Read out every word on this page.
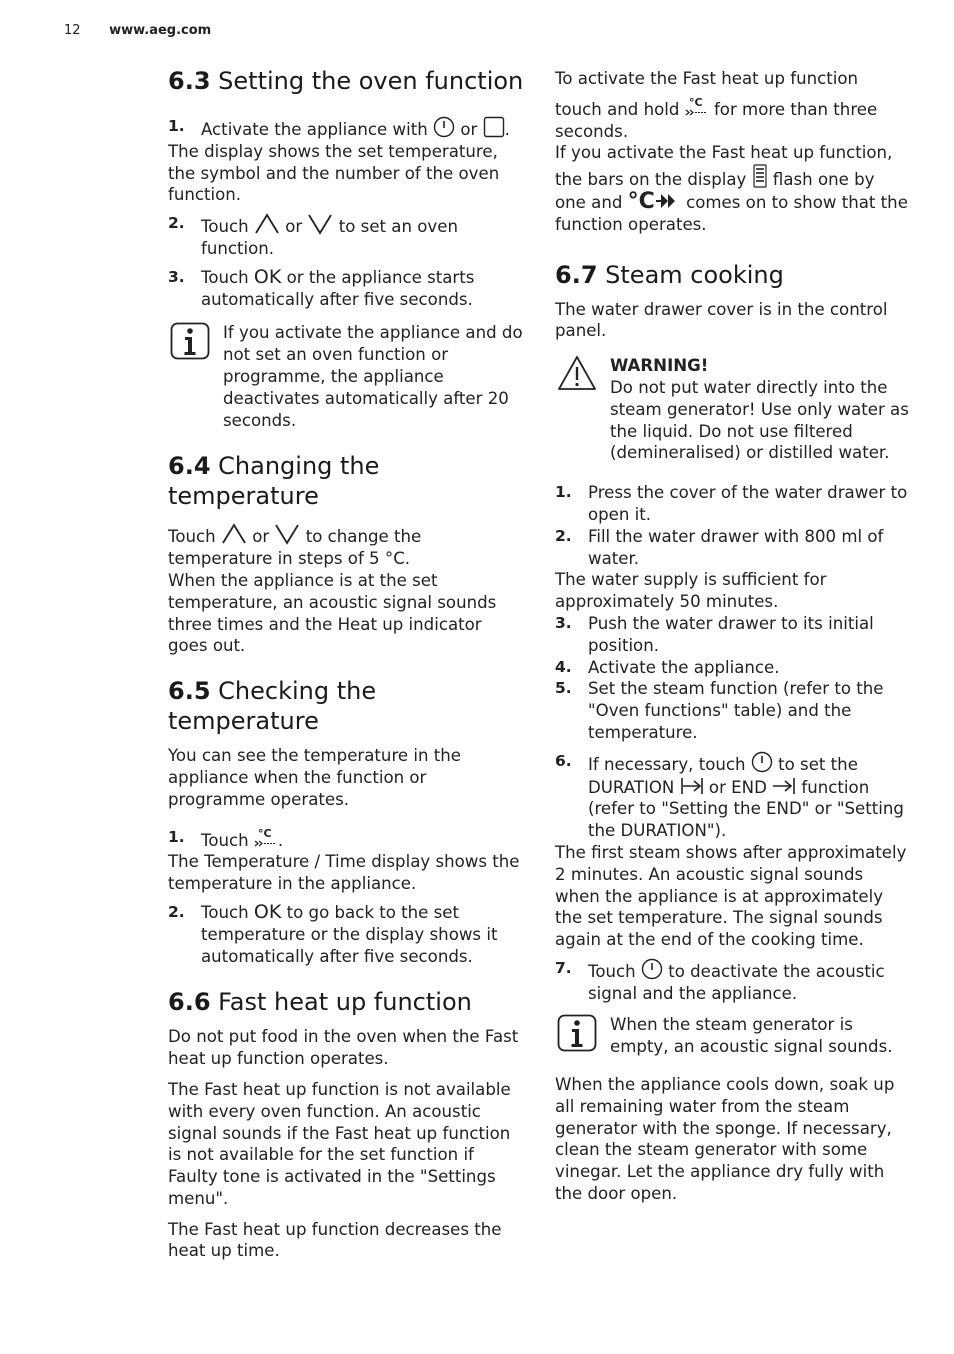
12 www.aeg.com
6.3 Setting the oven function
1. Activate the appliance with or .

The display shows the set temperature, the symbol and the number of the oven function.

2. Touch or to set an oven function.
3. Touch OK or the appliance starts automatically after five seconds.

If you activate the appliance and do not set an oven function or programme, the appliance deactivates automatically after 20 seconds.

6.4 Changing the temperature

Touch or to change the temperature in steps of 5 °C.

When the appliance is at the set temperature, an acoustic signal sounds three times and the Heat up indicator goes out.

6.5 Checking the temperature

You can see the temperature in the appliance when the function or programme operates.

1. Touch °C .

The Temperature / Time display shows the temperature in the appliance.

2. Touch OK to go back to the set temperature or the display shows it automatically after five seconds.
6.6 Fast heat up function

Do not put food in the oven when the Fast heat up function operates.

The Fast heat up function is not available with every oven function. An acoustic signal sounds if the Fast heat up function is not available for the set function if Faulty tone is activated in the "Settings menu".

The Fast heat up function decreases the heat up time.

To activate the Fast heat up function

touch and hold °C for more than three seconds.

If you activate the Fast heat up function, the bars on the display flash one by one and °C comes on to show that the function operates.

6.7 Steam cooking

The water drawer cover is in the control panel.

WARNING!

Do not put water directly into the steam generator! Use only water as the liquid. Do not use filtered (demineralised) or distilled water.

1. Press the cover of the water drawer to open it.
2. Fill the water drawer with 800 ml of water.

The water supply is sufficient for approximately 50 minutes.

3. Push the water drawer to its initial position.
4. Activate the appliance.
5. Set the steam function (refer to the "Oven functions" table) and the temperature.
6. If necessary, touch to set the DURATION or END function (refer to "Setting the END" or "Setting the DURATION").

The first steam shows after approximately 2 minutes. An acoustic signal sounds when the appliance is at approximately the set temperature. The signal sounds again at the end of the cooking time.

7. Touch to deactivate the acoustic signal and the appliance.

When the steam generator is empty, an acoustic signal sounds.

When the appliance cools down, soak up all remaining water from the steam generator with the sponge. If necessary, clean the steam generator with some vinegar. Let the appliance dry fully with the door open.
